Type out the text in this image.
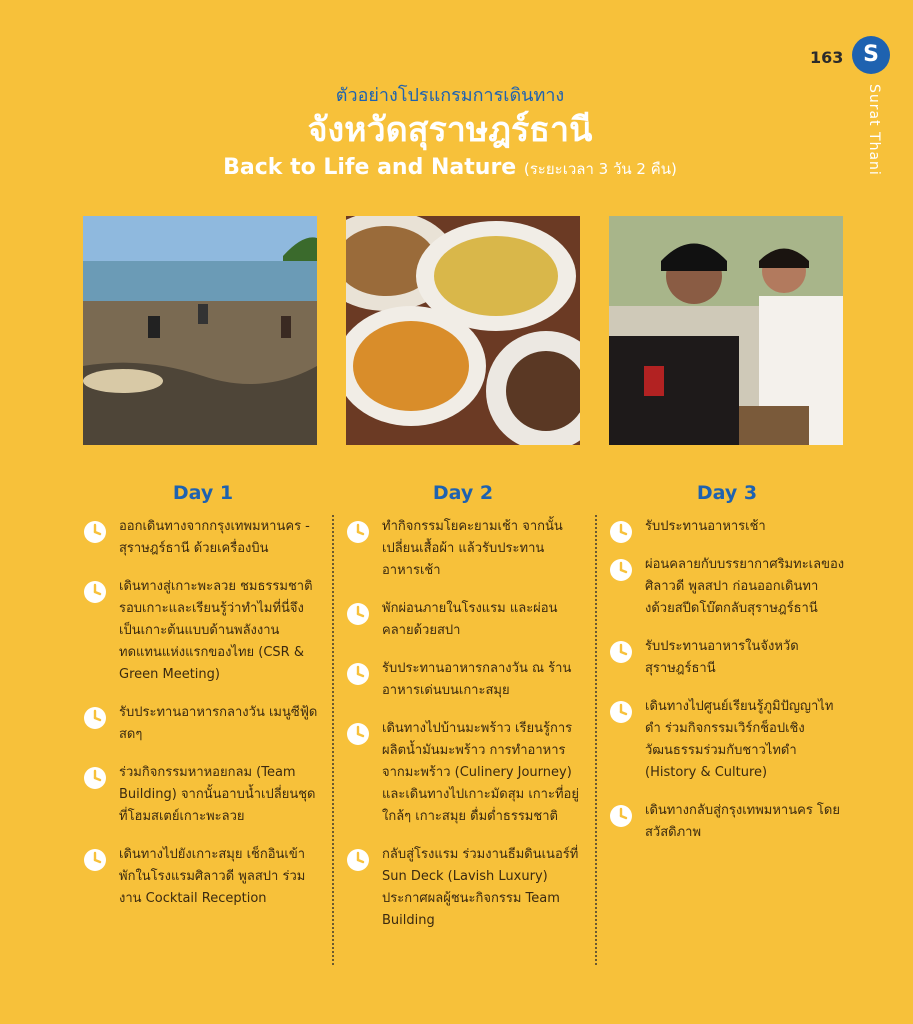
163 S
Surat Thani
ตัวอย่างโปรแกรมการเดินทาง
จังหวัดสุราษฎร์ธานี
Back to Life and Nature (ระยะเวลา 3 วัน 2 คืน)
Day 1	Day 2	Day 3
ออกเดินทางจากกรุงเทพมหานคร - สุราษฎร์ธานี ด้วยเครื่องบิน
เดินทางสู่เกาะพะลวย ชมธรรมชาติรอบเกาะและเรียนรู้ว่าทำไมที่นี่จึงเป็นเกาะต้นแบบด้านพลังงานทดแทนแห่งแรกของไทย (CSR & Green Meeting)
รับประทานอาหารกลางวัน เมนูซีฟู้ดสดๆ
ร่วมกิจกรรมหาหอยกลม (Team Building) จากนั้นอาบน้ำเปลี่ยนชุดที่โฮมสเตย์เกาะพะลวย
เดินทางไปยังเกาะสมุย เช็กอินเข้าพักในโรงแรมศิลาวดี พูลสปา ร่วมงาน Cocktail Reception
ทำกิจกรรมโยคะยามเช้า จากนั้นเปลี่ยนเสื้อผ้า แล้วรับประทานอาหารเช้า
พักผ่อนภายในโรงแรม และผ่อนคลายด้วยสปา
รับประทานอาหารกลางวัน ณ ร้านอาหารเด่นบนเกาะสมุย
เดินทางไปบ้านมะพร้าว เรียนรู้การผลิตน้ำมันมะพร้าว การทำอาหารจากมะพร้าว (Culinery Journey) และเดินทางไปเกาะมัดสุม เกาะที่อยู่ใกล้ๆ เกาะสมุย ดื่มด่ำธรรมชาติ
กลับสู่โรงแรม ร่วมงานธีมดินเนอร์ที่ Sun Deck (Lavish Luxury) ประกาศผลผู้ชนะกิจกรรม Team Building
รับประทานอาหารเช้า
ผ่อนคลายกับบรรยากาศริมทะเลของศิลาวดี พูลสปา ก่อนออกเดินทางด้วยสปีดโบ๊ตกลับสุราษฎร์ธานี
รับประทานอาหารในจังหวัดสุราษฎร์ธานี
เดินทางไปศูนย์เรียนรู้ภูมิปัญญาไทดำ ร่วมกิจกรรมเวิร์กช็อปเชิงวัฒนธรรมร่วมกับชาวไทดำ (History & Culture)
เดินทางกลับสู่กรุงเทพมหานคร โดยสวัสดิภาพ
